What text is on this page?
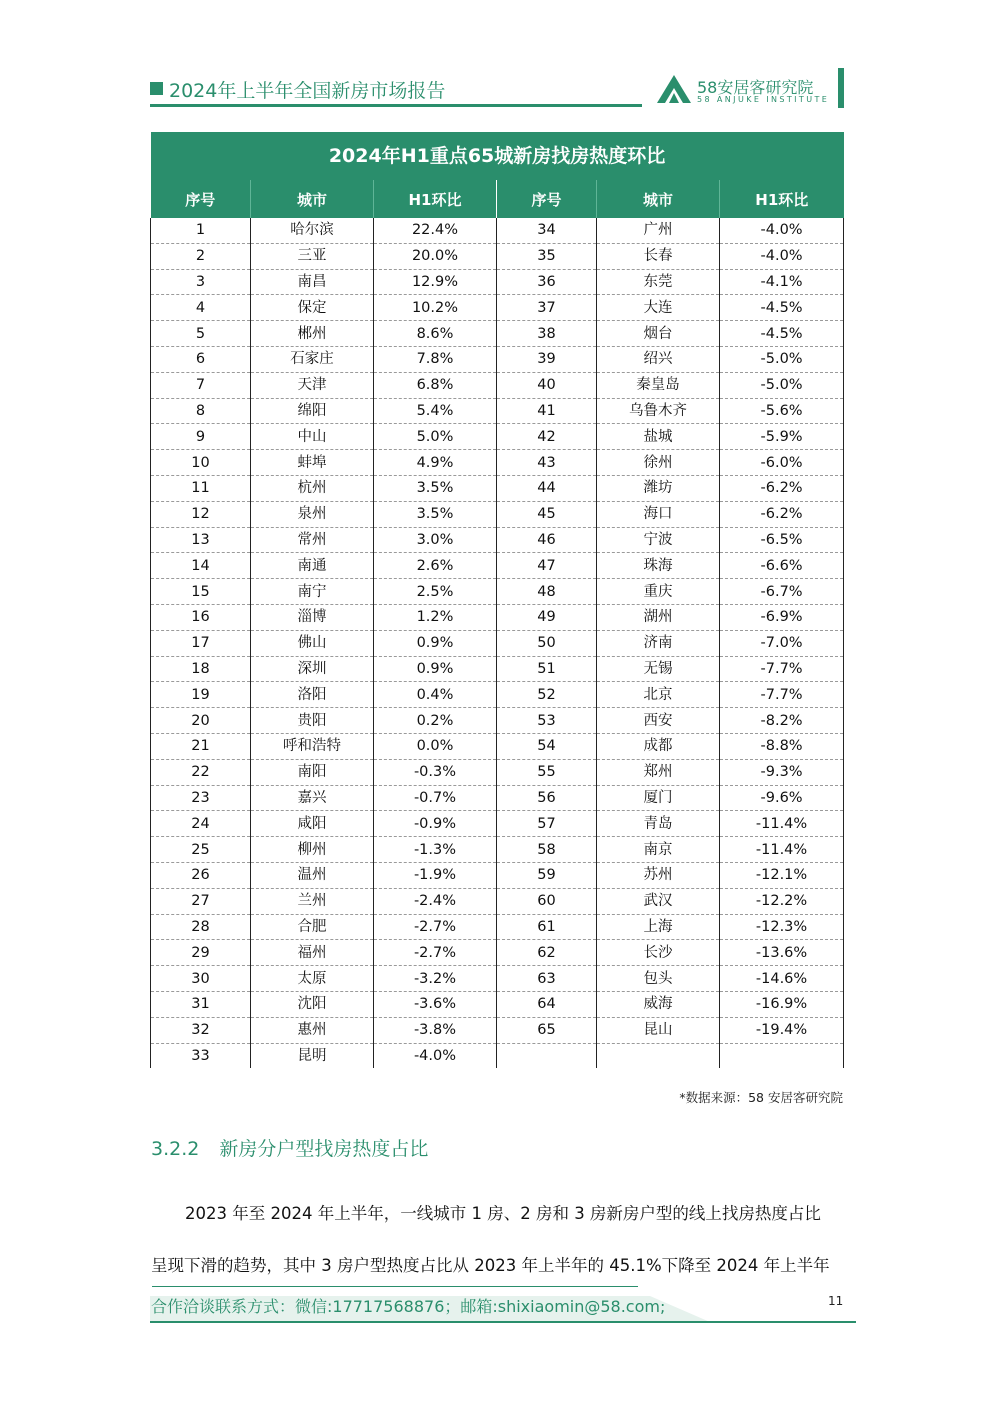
2024年上半年全国新房市场报告	58安居客研究院
58 ANJUKE INSTITUTE
2024年H1重点65城新房找房热度环比					
序号	城市	H1环比	序号	城市	H1环比
1	哈尔滨	22.4%	34	广州	-4.0%
2	三亚	20.0%	35	长春	-4.0%
3	南昌	12.9%	36	东莞	-4.1%
4	保定	10.2%	37	大连	-4.5%
5	郴州	8.6%	38	烟台	-4.5%
6	石家庄	7.8%	39	绍兴	-5.0%
7	天津	6.8%	40	秦皇岛	-5.0%
8	绵阳	5.4%	41	乌鲁木齐	-5.6%
9	中山	5.0%	42	盐城	-5.9%
10	蚌埠	4.9%	43	徐州	-6.0%
11	杭州	3.5%	44	潍坊	-6.2%
12	泉州	3.5%	45	海口	-6.2%
13	常州	3.0%	46	宁波	-6.5%
14	南通	2.6%	47	珠海	-6.6%
15	南宁	2.5%	48	重庆	-6.7%
16	淄博	1.2%	49	湖州	-6.9%
17	佛山	0.9%	50	济南	-7.0%
18	深圳	0.9%	51	无锡	-7.7%
19	洛阳	0.4%	52	北京	-7.7%
20	贵阳	0.2%	53	西安	-8.2%
21	呼和浩特	0.0%	54	成都	-8.8%
22	南阳	-0.3%	55	郑州	-9.3%
23	嘉兴	-0.7%	56	厦门	-9.6%
24	咸阳	-0.9%	57	青岛	-11.4%
25	柳州	-1.3%	58	南京	-11.4%
26	温州	-1.9%	59	苏州	-12.1%
27	兰州	-2.4%	60	武汉	-12.2%
28	合肥	-2.7%	61	上海	-12.3%
29	福州	-2.7%	62	长沙	-13.6%
30	太原	-3.2%	63	包头	-14.6%
31	沈阳	-3.6%	64	威海	-16.9%
32	惠州	-3.8%	65	昆山	-19.4%
33	昆明	-4.0%			
*数据来源：58 安居客研究院
3.2.2 新房分户型找房热度占比
2023 年至 2024 年上半年，一线城市 1 房、2 房和 3 房新房户型的线上找房热度占比
呈现下滑的趋势，其中 3 房户型热度占比从 2023 年上半年的 45.1%下降至 2024 年上半年
合作洽谈联系方式：微信:17717568876；邮箱:shixiaomin@58.com;	11
